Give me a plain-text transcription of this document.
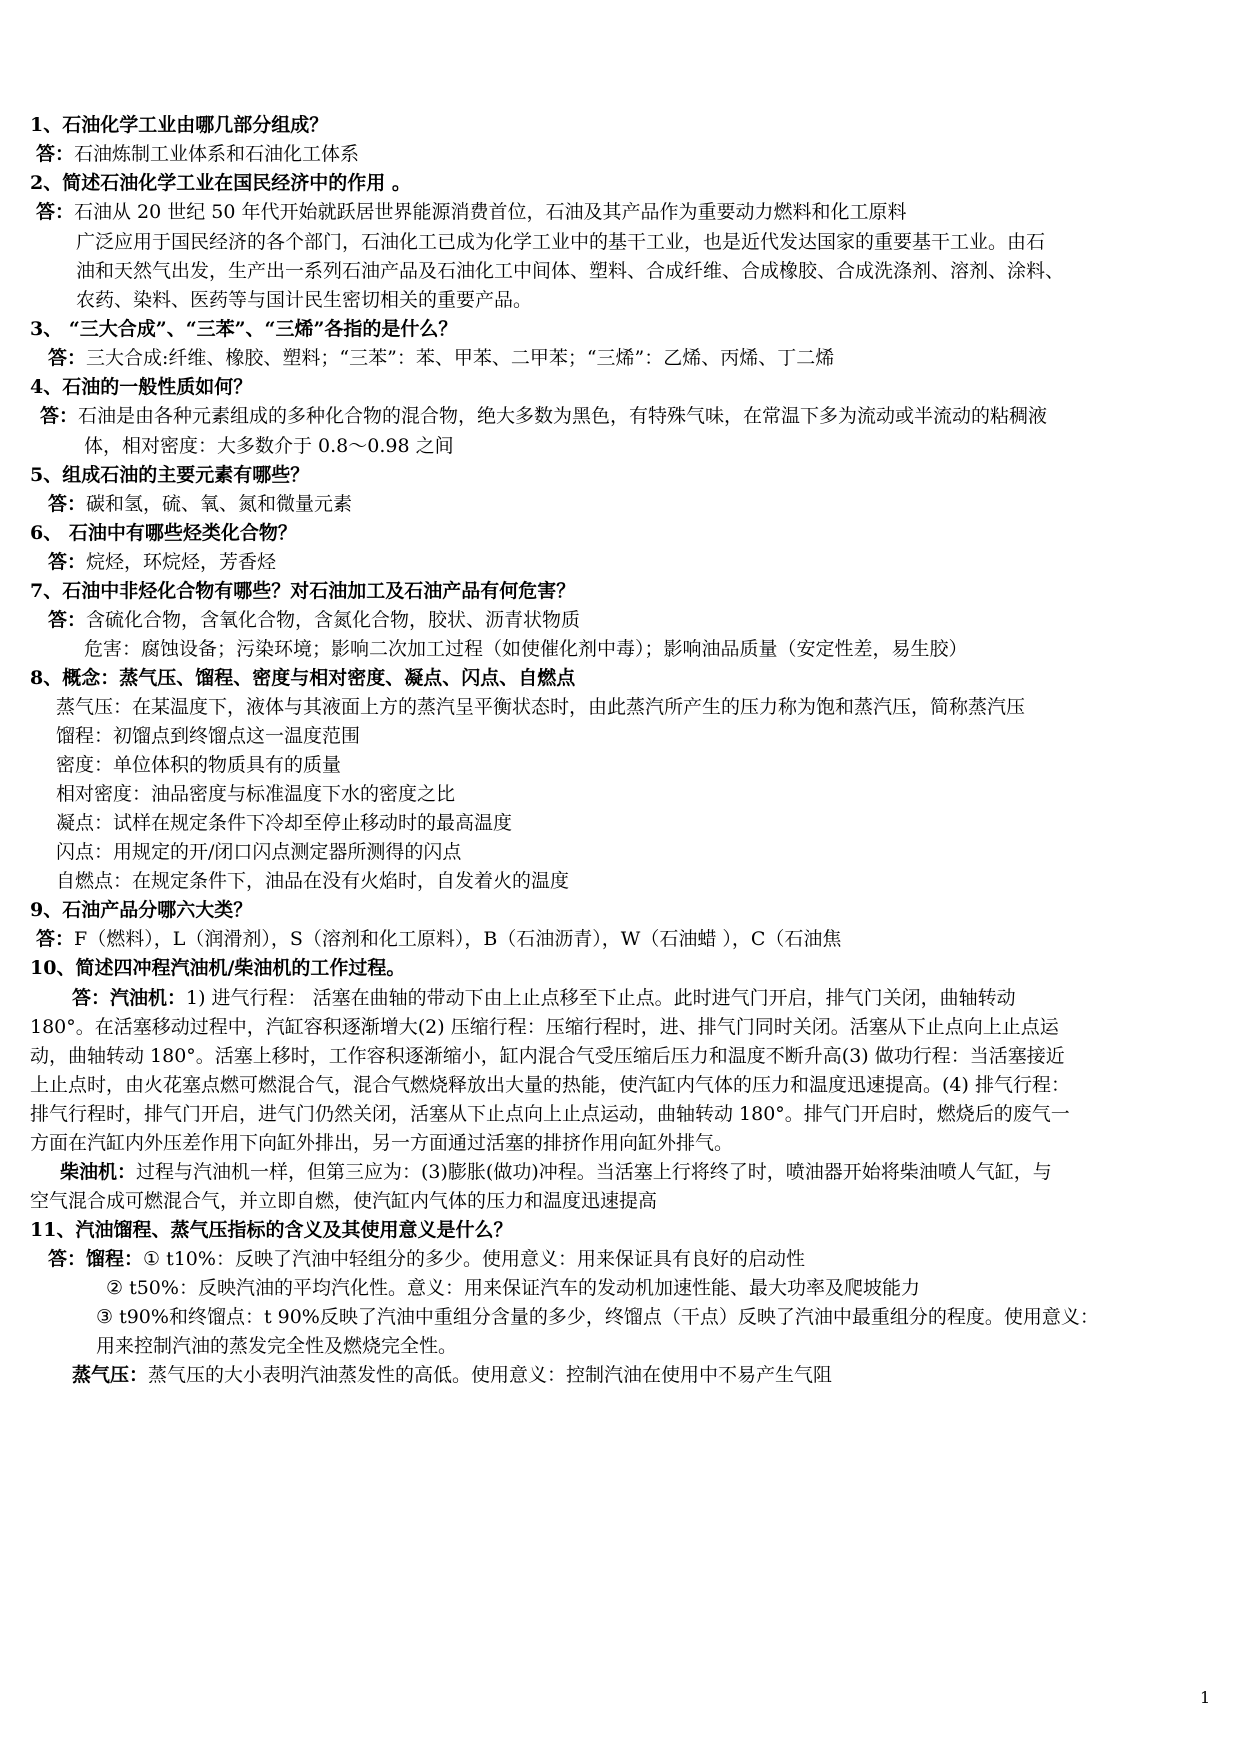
1、石油化学工业由哪几部分组成？
答：石油炼制工业体系和石油化工体系
2、简述石油化学工业在国民经济中的作用 。
答：石油从 20 世纪 50 年代开始就跃居世界能源消费首位，石油及其产品作为重要动力燃料和化工原料
广泛应用于国民经济的各个部门，石油化工已成为化学工业中的基干工业，也是近代发达国家的重要基干工业。由石
油和天然气出发，生产出一系列石油产品及石油化工中间体、塑料、合成纤维、合成橡胶、合成洗涤剂、溶剂、涂料、
农药、染料、医药等与国计民生密切相关的重要产品。
3、 “三大合成”、“三苯”、“三烯”各指的是什么？
答：三大合成:纤维、橡胶、塑料；“三苯”：苯、甲苯、二甲苯；“三烯”：乙烯、丙烯、丁二烯
4、石油的一般性质如何？
答：石油是由各种元素组成的多种化合物的混合物，绝大多数为黑色，有特殊气味，在常温下多为流动或半流动的粘稠液
体，相对密度：大多数介于 0.8～0.98 之间
5、组成石油的主要元素有哪些？
答：碳和氢，硫、氧、氮和微量元素
6、 石油中有哪些烃类化合物？
答：烷烃，环烷烃，芳香烃
7、石油中非烃化合物有哪些？对石油加工及石油产品有何危害？
答：含硫化合物，含氧化合物，含氮化合物，胶状、沥青状物质
危害：腐蚀设备；污染环境；影响二次加工过程（如使催化剂中毒）；影响油品质量（安定性差，易生胶）
8、概念：蒸气压、馏程、密度与相对密度、凝点、闪点、自燃点
蒸气压：在某温度下，液体与其液面上方的蒸汽呈平衡状态时，由此蒸汽所产生的压力称为饱和蒸汽压，简称蒸汽压
馏程：初馏点到终馏点这一温度范围
密度：单位体积的物质具有的质量
相对密度：油品密度与标准温度下水的密度之比
凝点：试样在规定条件下冷却至停止移动时的最高温度
闪点：用规定的开/闭口闪点测定器所测得的闪点
自燃点：在规定条件下，油品在没有火焰时，自发着火的温度
9、石油产品分哪六大类？
答：F（燃料），L（润滑剂），S（溶剂和化工原料），B（石油沥青），W（石油蜡 ），C（石油焦
10、简述四冲程汽油机/柴油机的工作过程。
答：汽油机：1) 进气行程： 活塞在曲轴的带动下由上止点移至下止点。此时进气门开启，排气门关闭，曲轴转动
180°。在活塞移动过程中，汽缸容积逐渐增大(2) 压缩行程：压缩行程时，进、排气门同时关闭。活塞从下止点向上止点运
动，曲轴转动 180°。活塞上移时，工作容积逐渐缩小，缸内混合气受压缩后压力和温度不断升高(3) 做功行程：当活塞接近
上止点时，由火花塞点燃可燃混合气，混合气燃烧释放出大量的热能，使汽缸内气体的压力和温度迅速提高。(4) 排气行程：
排气行程时，排气门开启，进气门仍然关闭，活塞从下止点向上止点运动，曲轴转动 180°。排气门开启时，燃烧后的废气一
方面在汽缸内外压差作用下向缸外排出，另一方面通过活塞的排挤作用向缸外排气。
柴油机：过程与汽油机一样，但第三应为：(3)膨胀(做功)冲程。当活塞上行将终了时，喷油器开始将柴油喷人气缸，与
空气混合成可燃混合气，并立即自燃，使汽缸内气体的压力和温度迅速提高
11、汽油馏程、蒸气压指标的含义及其使用意义是什么？
答：馏程：① t10%：反映了汽油中轻组分的多少。使用意义：用来保证具有良好的启动性
② t50%：反映汽油的平均汽化性。意义：用来保证汽车的发动机加速性能、最大功率及爬坡能力
③ t90%和终馏点：t 90%反映了汽油中重组分含量的多少，终馏点（干点）反映了汽油中最重组分的程度。使用意义：
用来控制汽油的蒸发完全性及燃烧完全性。
蒸气压：蒸气压的大小表明汽油蒸发性的高低。使用意义：控制汽油在使用中不易产生气阻
1
